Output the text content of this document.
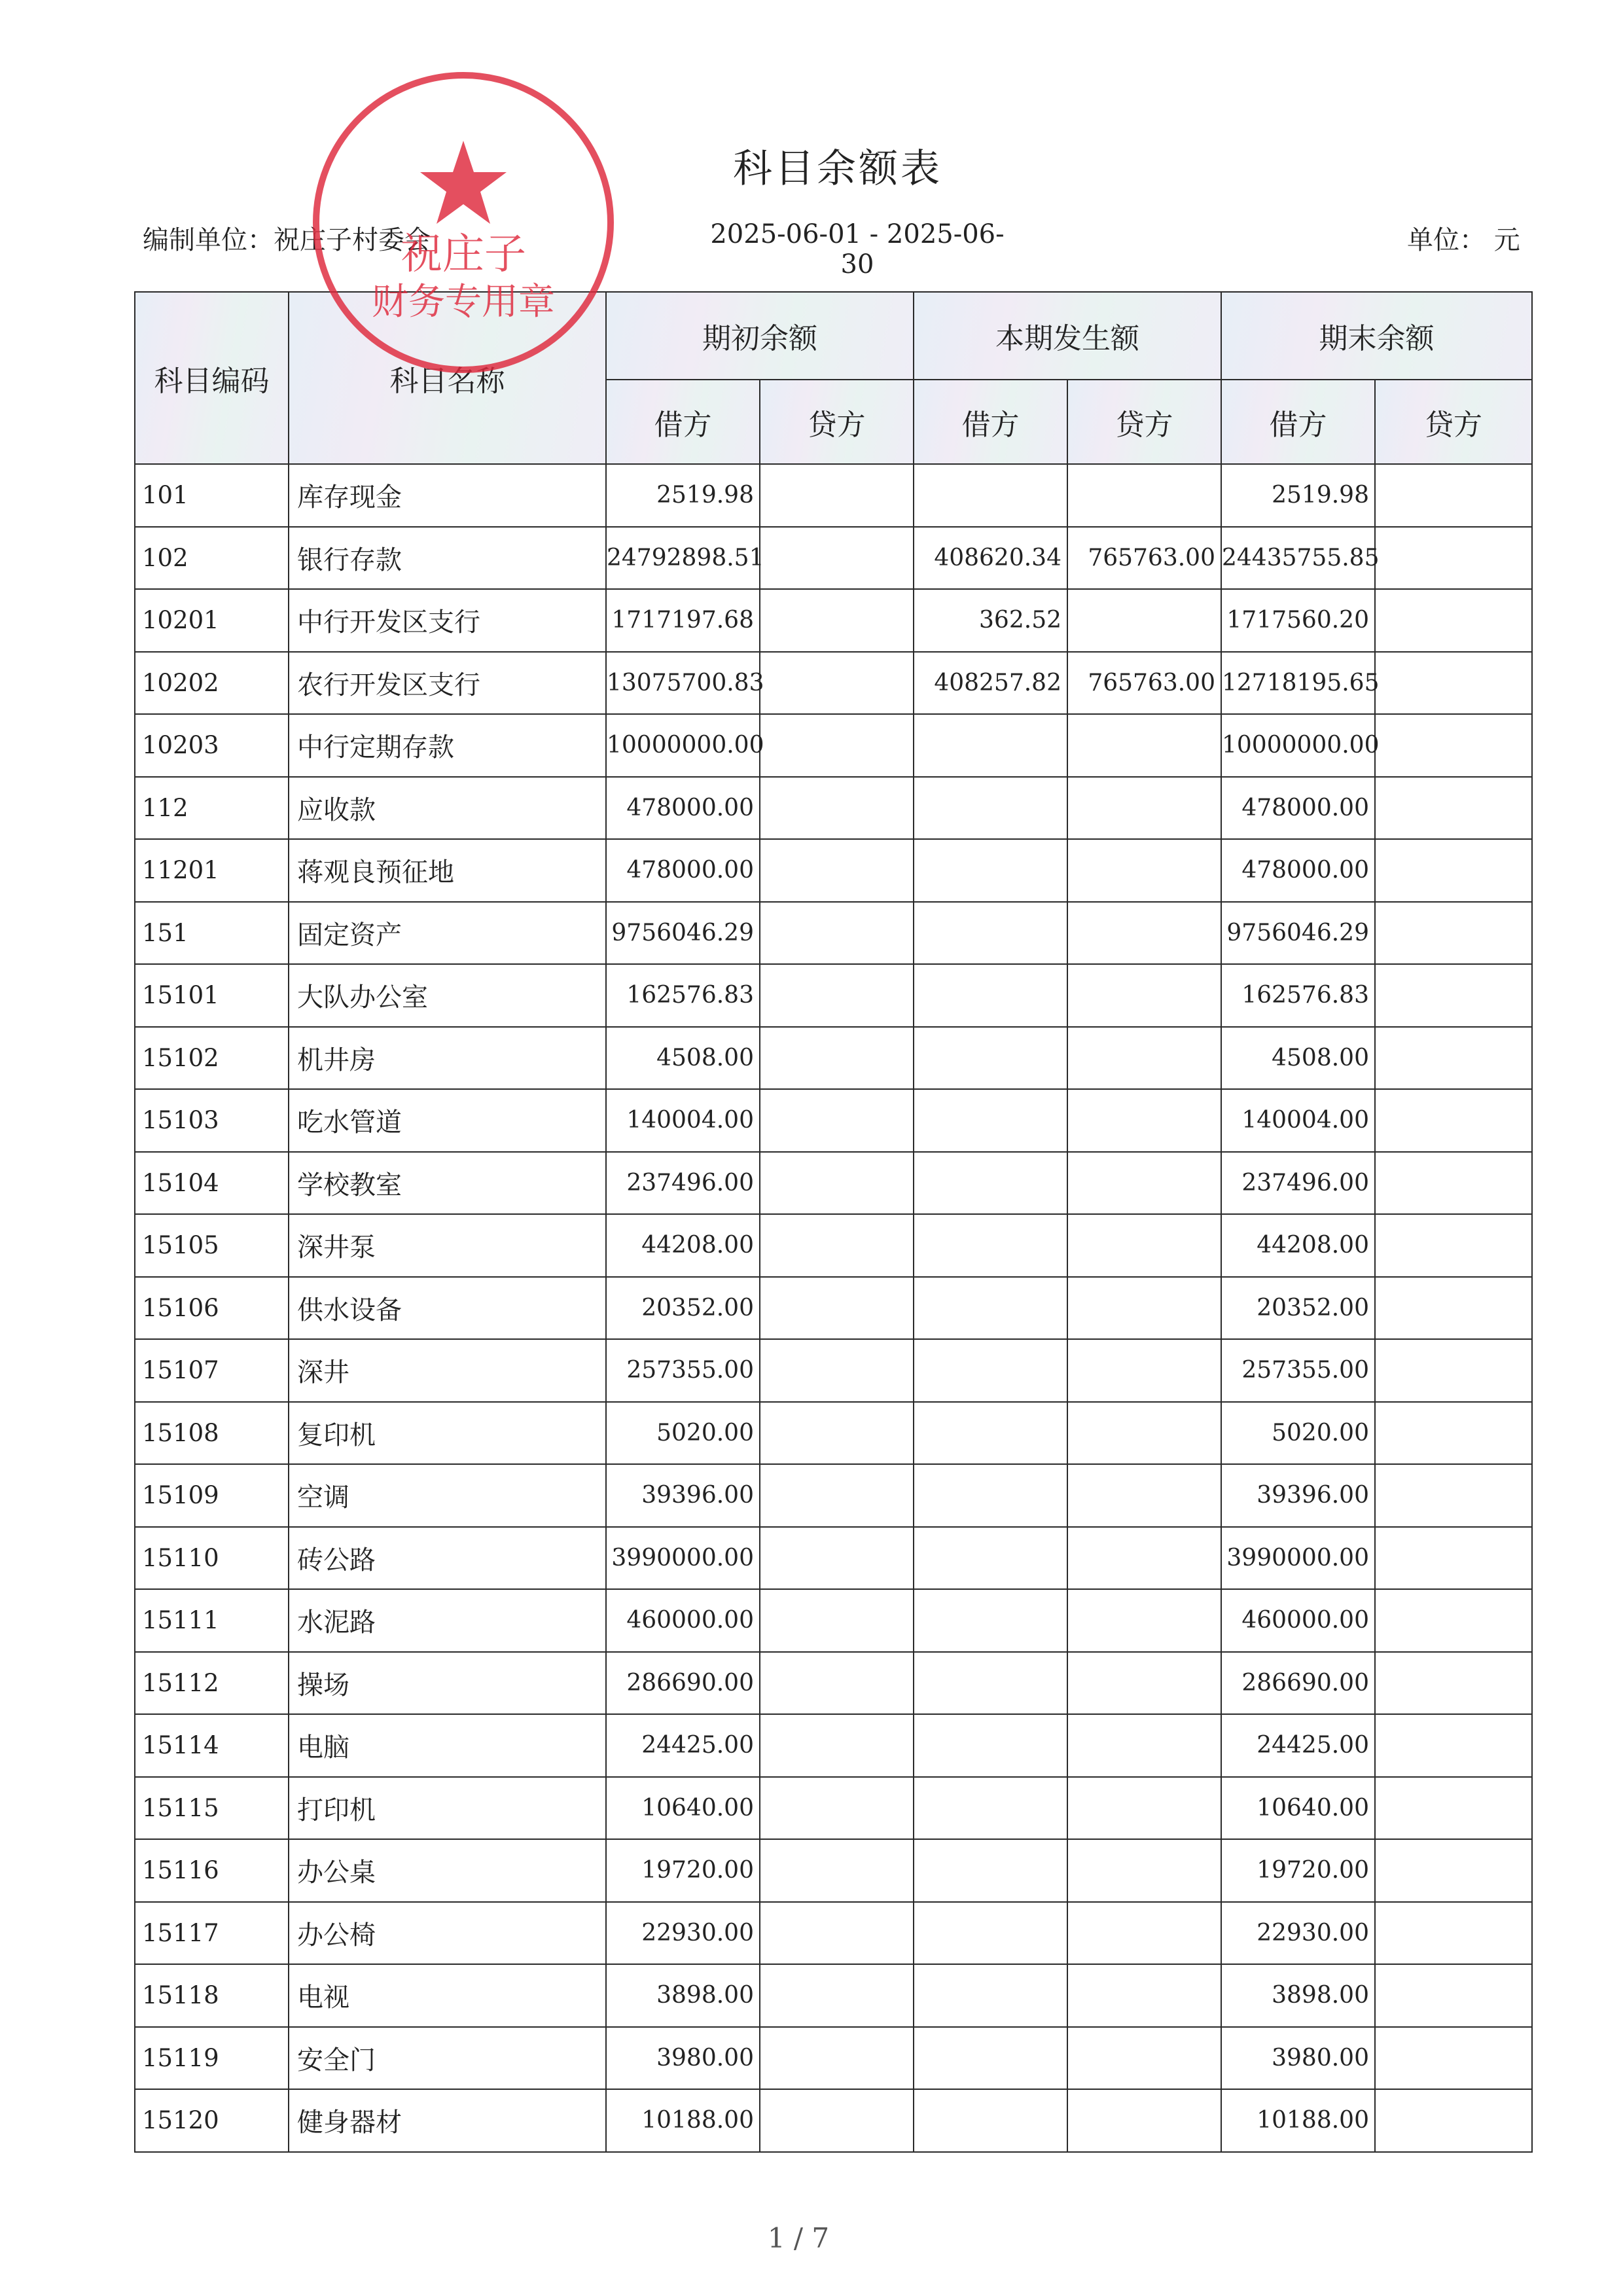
科目余额表
编制单位：祝庄子村委会	2025-06-01 - 2025-06-30
单位： 元
科目编码	科目名称	期初余额		本期发生额		期末余额	
		借方	贷方	借方	贷方	借方	贷方
101	库存现金	2519.98				2519.98	
102	银行存款	24792898.51		408620.34	765763.00	24435755.85	
10201	中行开发区支行	1717197.68		362.52		1717560.20	
10202	农行开发区支行	13075700.83		408257.82	765763.00	12718195.65	
10203	中行定期存款	10000000.00				10000000.00	
112	应收款	478000.00				478000.00	
11201	蒋观良预征地	478000.00				478000.00	
151	固定资产	9756046.29				9756046.29	
15101	大队办公室	162576.83				162576.83	
15102	机井房	4508.00				4508.00	
15103	吃水管道	140004.00				140004.00	
15104	学校教室	237496.00				237496.00	
15105	深井泵	44208.00				44208.00	
15106	供水设备	20352.00				20352.00	
15107	深井	257355.00				257355.00	
15108	复印机	5020.00				5020.00	
15109	空调	39396.00				39396.00	
15110	砖公路	3990000.00				3990000.00	
15111	水泥路	460000.00				460000.00	
15112	操场	286690.00				286690.00	
15114	电脑	24425.00				24425.00	
15115	打印机	10640.00				10640.00	
15116	办公桌	19720.00				19720.00	
15117	办公椅	22930.00				22930.00	
15118	电视	3898.00				3898.00	
15119	安全门	3980.00				3980.00	
15120	健身器材	10188.00				10188.00	
祝庄子
财务专用章
1 / 7
